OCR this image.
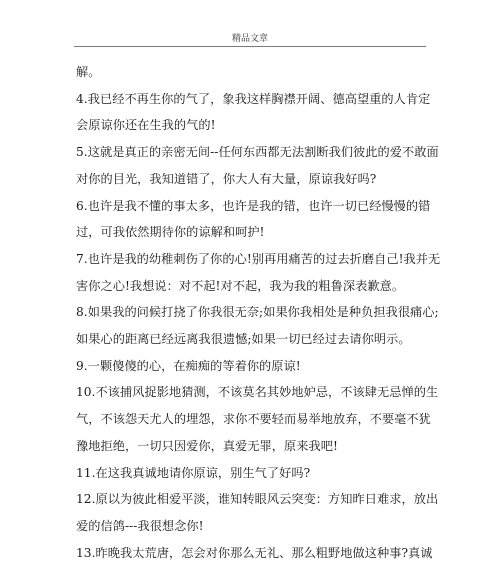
精品文章

解。

4.我已经不再生你的气了，象我这样胸襟开阔、德高望重的人肯定

会原谅你还在生我的气的!

5.这就是真正的亲密无间--任何东西都无法割断我们彼此的爱不敢面

对你的目光，我知道错了，你大人有大量，原谅我好吗?

6.也许是我不懂的事太多，也许是我的错，也许一切已经慢慢的错

过，可我依然期待你的谅解和呵护!

7.也许是我的幼稚刺伤了你的心!别再用痛苦的过去折磨自己!我并无

害你之心!我想说：对不起!对不起，我为我的粗鲁深表歉意。

8.如果我的问候打挠了你我很无奈;如果你我相处是种负担我很痛心;

如果心的距离已经远离我很遗憾;如果一切已经过去请你明示。

9.一颗傻傻的心，在痴痴的等着你的原谅!

10.不该捕风捉影地猜测，不该莫名其妙地妒忌，不该肆无忌惮的生

气，不该怨天尤人的埋怨，求你不要轻而易举地放弃，不要毫不犹

豫地拒绝，一切只因爱你，真爱无罪，原来我吧!

11.在这我真诚地请你原谅，别生气了好吗?

12.原以为彼此相爱平淡，谁知转眼风云突变：方知昨日难求，放出

爱的信鸽---我很想念你!

13.昨晚我太荒唐，怎会对你那么无礼、那么粗野地做这种事?真诚
